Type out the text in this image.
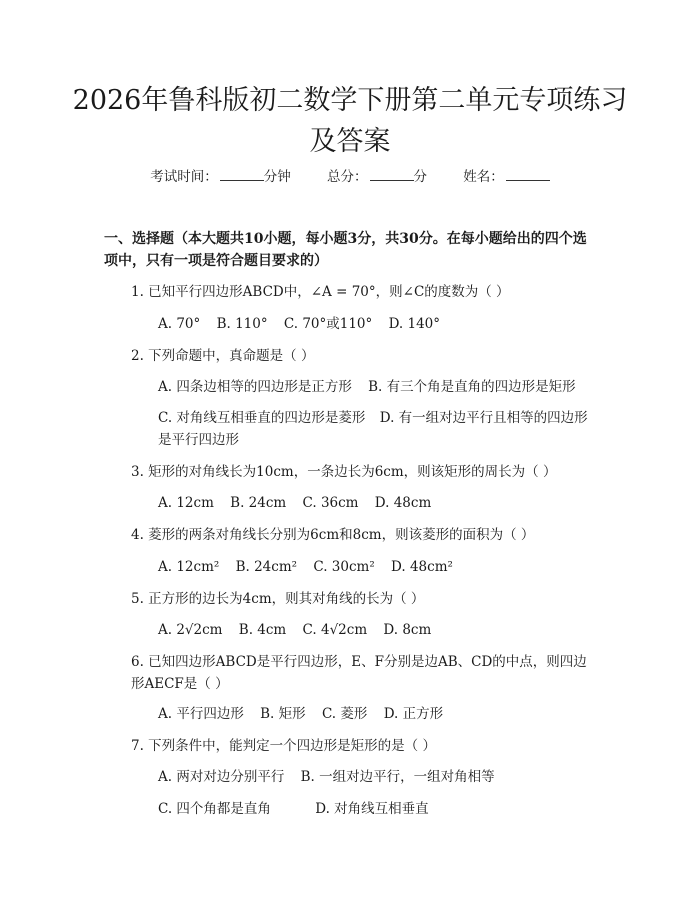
2026年鲁科版初二数学下册第二单元专项练习及答案
考试时间：	分钟	总分：	分	姓名：
一、选择题（本大题共10小题，每小题3分，共30分。在每小题给出的四个选项中，只有一项是符合题目要求的）
1. 已知平行四边形ABCD中，∠A = 70°，则∠C的度数为（ ）
A. 70° B. 110° C. 70°或110° D. 140°
2. 下列命题中，真命题是（ ）
A. 四条边相等的四边形是正方形 B. 有三个角是直角的四边形是矩形
C. 对角线互相垂直的四边形是菱形 D. 有一组对边平行且相等的四边形是平行四边形
3. 矩形的对角线长为10cm，一条边长为6cm，则该矩形的周长为（ ）
A. 12cm B. 24cm C. 36cm D. 48cm
4. 菱形的两条对角线长分别为6cm和8cm，则该菱形的面积为（ ）
A. 12cm² B. 24cm² C. 30cm² D. 48cm²
5. 正方形的边长为4cm，则其对角线的长为（ ）
A. 2√2cm B. 4cm C. 4√2cm D. 8cm
6. 已知四边形ABCD是平行四边形，E、F分别是边AB、CD的中点，则四边形AECF是（ ）
A. 平行四边形 B. 矩形 C. 菱形 D. 正方形
7. 下列条件中，能判定一个四边形是矩形的是（ ）
A. 两对对边分别平行 B. 一组对边平行，一组对角相等
C. 四个角都是直角	D. 对角线互相垂直
